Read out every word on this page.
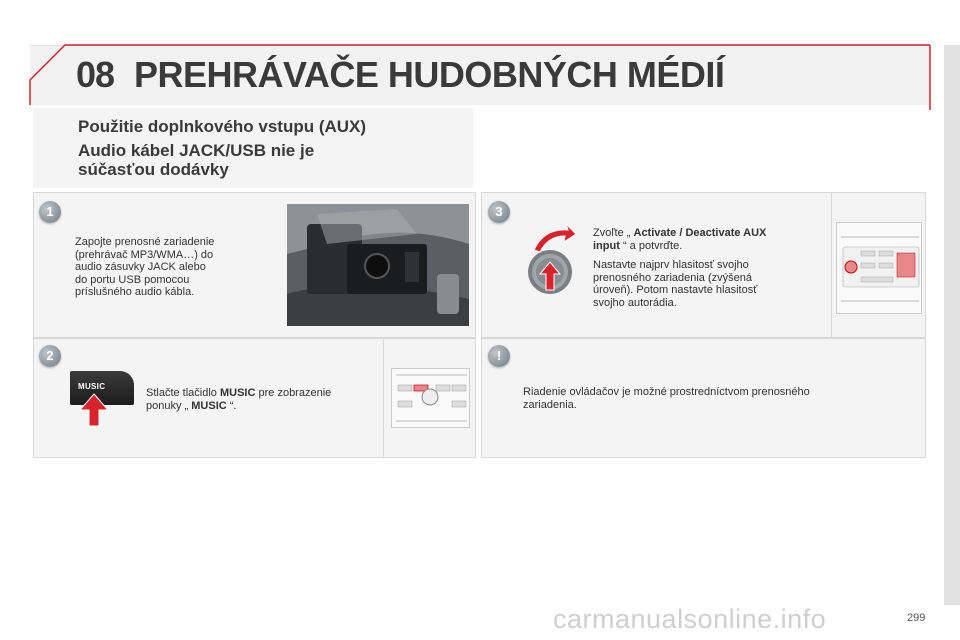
08 PREHRÁVAČE HUDOBNÝCH MÉDIÍ
Použitie doplnkového vstupu (AUX)
Audio kábel JACK/USB nie je
súčasťou dodávky
1
Zapojte prenosné zariadenie
(prehrávač MP3/WMA…) do
audio zásuvky JACK alebo
do portu USB pomocou
príslušného audio kábla.
2
MUSIC
Stlačte tlačidlo MUSIC pre zobrazenie
ponuky „ MUSIC “.
3
Zvoľte „ Activate / Deactivate AUX
input “ a potvrďte.
Nastavte najprv hlasitosť svojho
prenosného zariadenia (zvýšená
úroveň). Potom nastavte hlasitosť
svojho autorádia.
!
Riadenie ovládačov je možné prostredníctvom prenosného
zariadenia.
carmanualsonline.info	299
